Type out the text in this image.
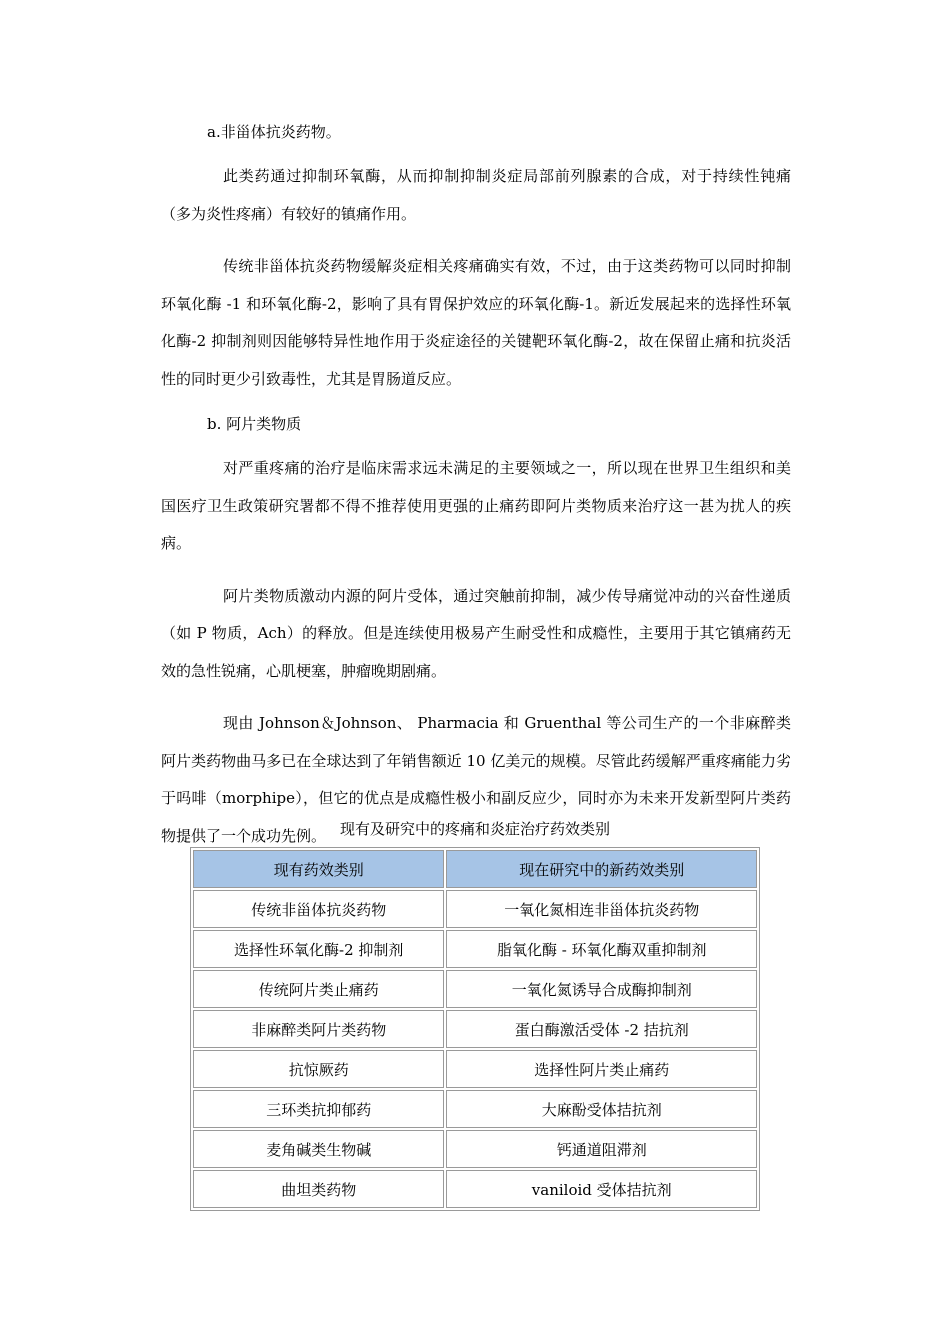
a.非甾体抗炎药物。

此类药通过抑制环氧酶，从而抑制抑制炎症局部前列腺素的合成，对于持续性钝痛（多为炎性疼痛）有较好的镇痛作用。

传统非甾体抗炎药物缓解炎症相关疼痛确实有效，不过，由于这类药物可以同时抑制环氧化酶 -1 和环氧化酶-2，影响了具有胃保护效应的环氧化酶-1。新近发展起来的选择性环氧化酶-2 抑制剂则因能够特异性地作用于炎症途径的关键靶环氧化酶-2，故在保留止痛和抗炎活性的同时更少引致毒性，尤其是胃肠道反应。

b. 阿片类物质

对严重疼痛的治疗是临床需求远未满足的主要领域之一，所以现在世界卫生组织和美国医疗卫生政策研究署都不得不推荐使用更强的止痛药即阿片类物质来治疗这一甚为扰人的疾病。

阿片类物质激动内源的阿片受体，通过突触前抑制，减少传导痛觉冲动的兴奋性递质（如 P 物质，Ach）的释放。但是连续使用极易产生耐受性和成瘾性，主要用于其它镇痛药无效的急性锐痛，心肌梗塞，肿瘤晚期剧痛。

现由 Johnson＆Johnson、 Pharmacia 和 Gruenthal 等公司生产的一个非麻醉类阿片类药物曲马多已在全球达到了年销售额近 10 亿美元的规模。尽管此药缓解严重疼痛能力劣于吗啡（morphipe），但它的优点是成瘾性极小和副反应少，同时亦为未来开发新型阿片类药物提供了一个成功先例。 现有及研究中的疼痛和炎症治疗药效类别
现有药效类别	现在研究中的新药效类别
传统非甾体抗炎药物	一氧化氮相连非甾体抗炎药物
选择性环氧化酶-2 抑制剂	脂氧化酶 - 环氧化酶双重抑制剂
传统阿片类止痛药	一氧化氮诱导合成酶抑制剂
非麻醉类阿片类药物	蛋白酶激活受体 -2 拮抗剂
抗惊厥药	选择性阿片类止痛药
三环类抗抑郁药	大麻酚受体拮抗剂
麦角碱类生物碱	钙通道阻滞剂
曲坦类药物	vaniloid 受体拮抗剂
